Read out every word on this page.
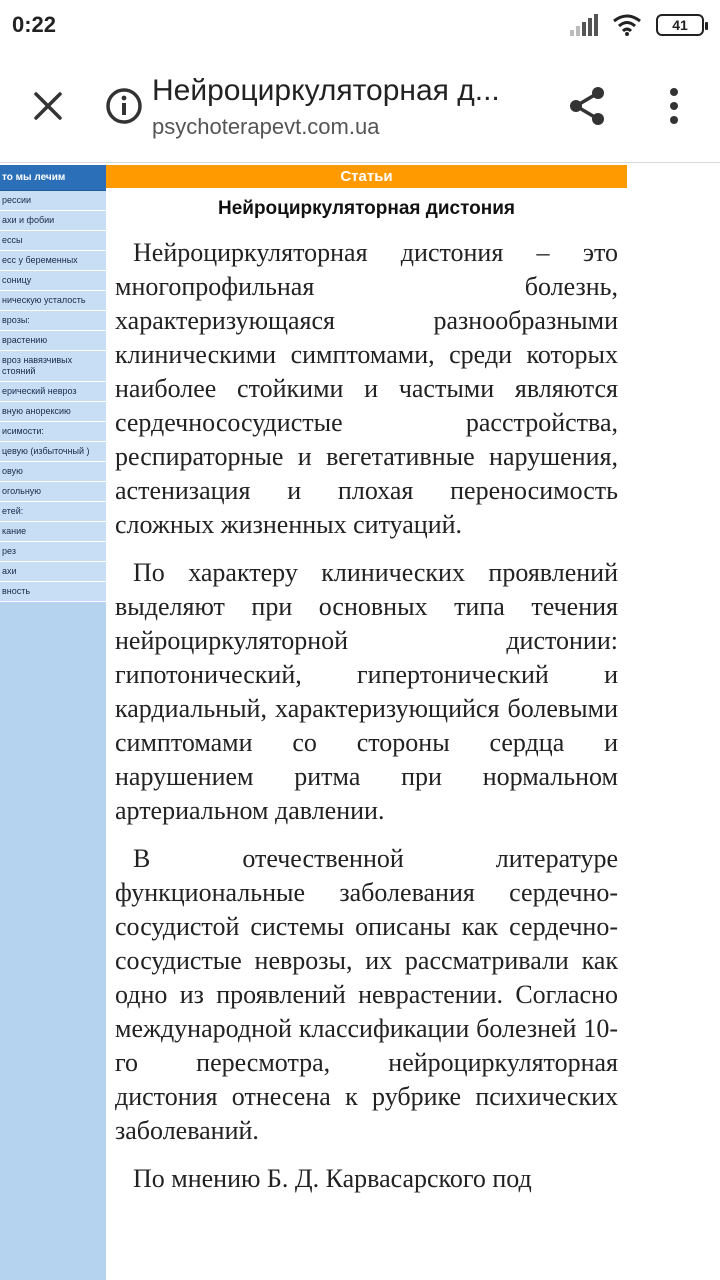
0:22	41
Нейроциркуляторная д...
psychoterapevt.com.ua
то мы лечим
рессии
ахи и фобии
ессы
есс у беременных
соницу
ническую усталость
врозы:
врастению
вроз навязчивых стояний
ерический невроз
вную анорексию
исимости:
цевую (избыточный )
овую
огольную
етей:
кание
рез
ахи
вность
Статьи
Нейроциркуляторная дистония

Нейроциркуляторная дистония – это многопрофильная болезнь, характеризующаяся разнообразными клиническими симптомами, среди которых наиболее стойкими и частыми являются сердечнососудистые расстройства, респираторные и вегетативные нарушения, астенизация и плохая переносимость сложных жизненных ситуаций.

По характеру клинических проявлений выделяют при основных типа течения нейроциркуляторной дистонии: гипотонический, гипертонический и кардиальный, характеризующийся болевыми симптомами со стороны сердца и нарушением ритма при нормальном артериальном давлении.

В отечественной литературе функциональные заболевания сердечно-сосудистой системы описаны как сердечно-сосудистые неврозы, их рассматривали как одно из проявлений неврастении. Согласно международной классификации болезней 10-го пересмотра, нейроциркуляторная дистония отнесена к рубрике психических заболеваний.

По мнению Б. Д. Карвасарского под
